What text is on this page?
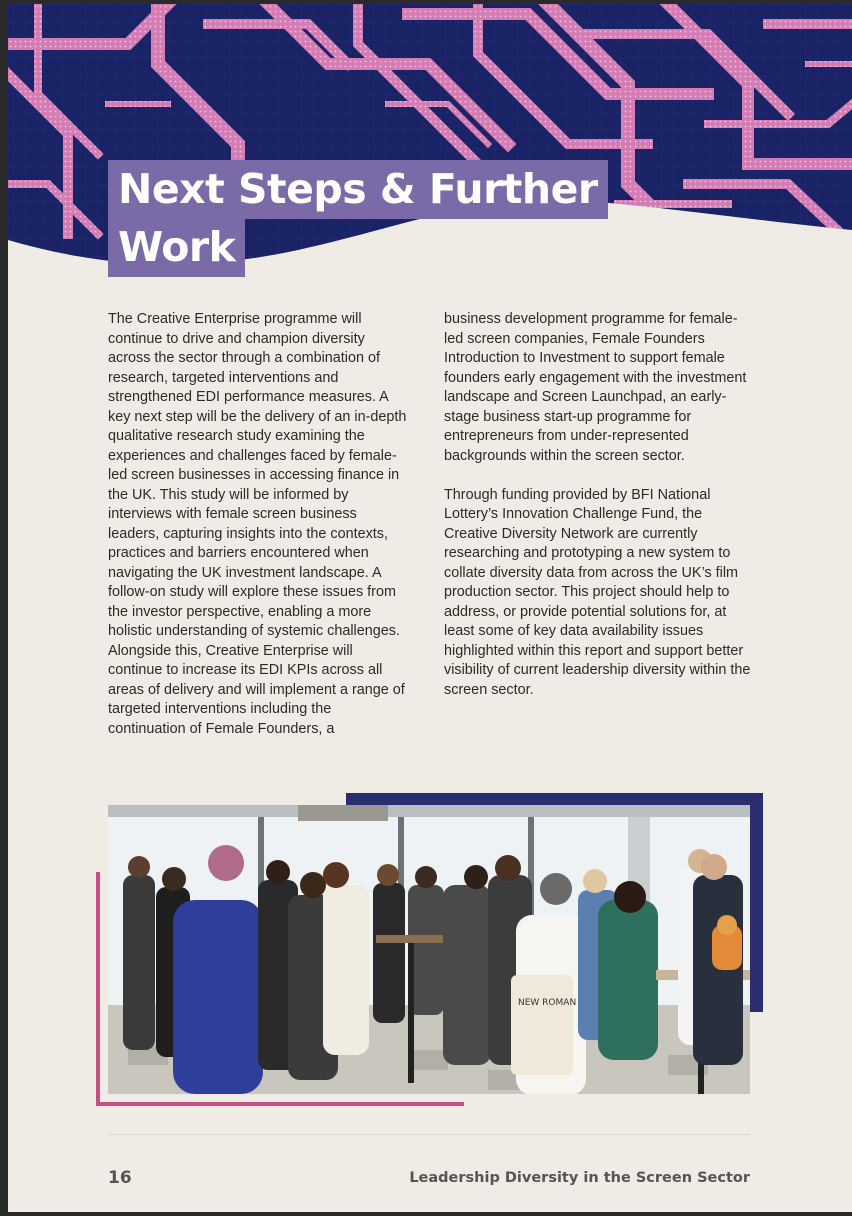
Next Steps & Further
Work

The Creative Enterprise programme will continue to drive and champion diversity across the sector through a combination of research, targeted interventions and strengthened EDI performance measures. A key next step will be the delivery of an in-depth qualitative research study examining the experiences and challenges faced by female-led screen businesses in accessing finance in the UK. This study will be informed by interviews with female screen business leaders, capturing insights into the contexts, practices and barriers encountered when navigating the UK investment landscape. A follow-on study will explore these issues from the investor perspective, enabling a more holistic understanding of systemic challenges. Alongside this, Creative Enterprise will continue to increase its EDI KPIs across all areas of delivery and will implement a range of targeted interventions including the continuation of Female Founders, a

business development programme for female-led screen companies, Female Founders Introduction to Investment to support female founders early engagement with the investment landscape and Screen Launchpad, an early-stage business start-up programme for entrepreneurs from under-represented backgrounds within the screen sector.

Through funding provided by BFI National Lottery’s Innovation Challenge Fund, the Creative Diversity Network are currently researching and prototyping a new system to collate diversity data from across the UK’s film production sector. This project should help to address, or provide potential solutions for, at least some of key data availability issues highlighted within this report and support better visibility of current leadership diversity within the screen sector.

NEW ROMAN
16	Leadership Diversity in the Screen Sector
